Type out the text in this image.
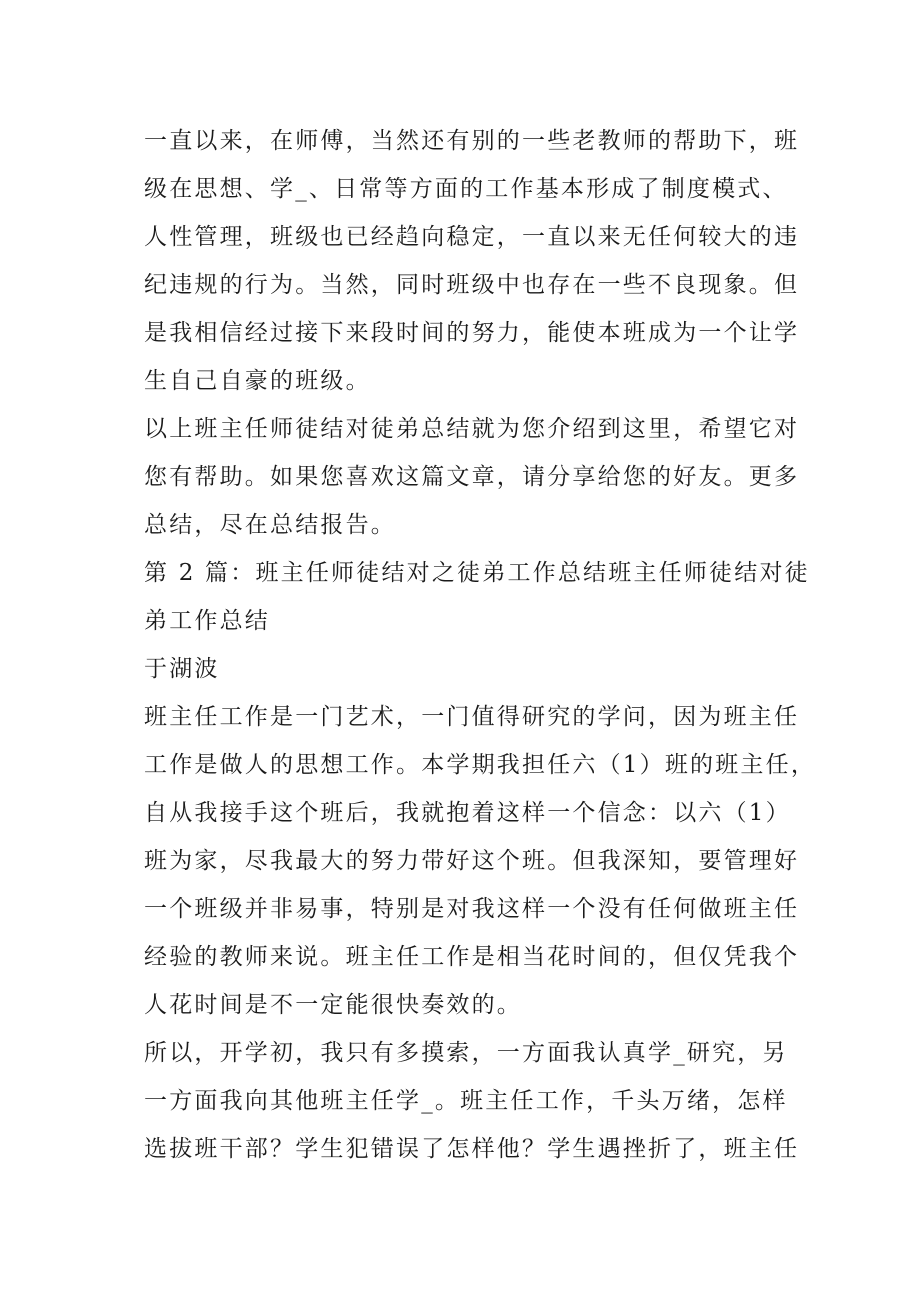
一直以来，在师傅，当然还有别的一些老教师的帮助下，班
级在思想、学_、日常等方面的工作基本形成了制度模式、
人性管理，班级也已经趋向稳定，一直以来无任何较大的违
纪违规的行为。当然，同时班级中也存在一些不良现象。但
是我相信经过接下来段时间的努力，能使本班成为一个让学
生自己自豪的班级。
以上班主任师徒结对徒弟总结就为您介绍到这里，希望它对
您有帮助。如果您喜欢这篇文章，请分享给您的好友。更多
总结，尽在总结报告。
第 2 篇：班主任师徒结对之徒弟工作总结班主任师徒结对徒
弟工作总结
于湖波
班主任工作是一门艺术，一门值得研究的学问，因为班主任
工作是做人的思想工作。本学期我担任六（1）班的班主任，
自从我接手这个班后，我就抱着这样一个信念：以六（1）
班为家，尽我最大的努力带好这个班。但我深知，要管理好
一个班级并非易事，特别是对我这样一个没有任何做班主任
经验的教师来说。班主任工作是相当花时间的，但仅凭我个
人花时间是不一定能很快奏效的。
所以，开学初，我只有多摸索，一方面我认真学_研究，另
一方面我向其他班主任学_。班主任工作，千头万绪，怎样
选拔班干部？学生犯错误了怎样他？学生遇挫折了，班主任
